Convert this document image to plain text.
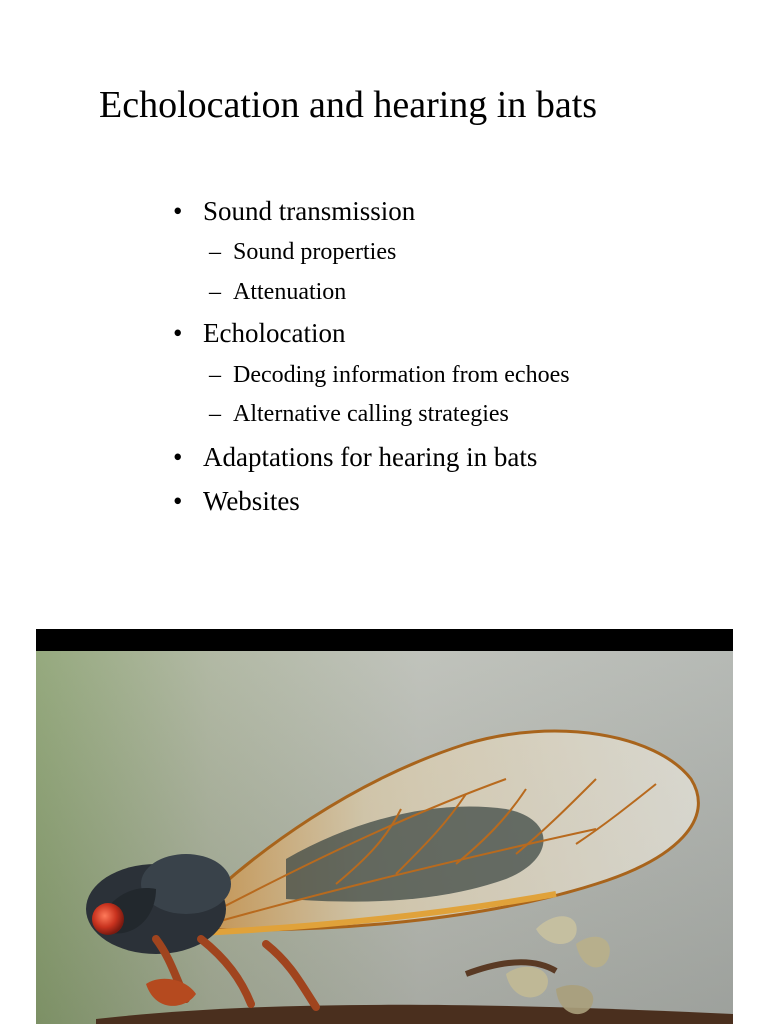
Echolocation and hearing in bats
• Sound transmission
– Sound properties
– Attenuation
• Echolocation
– Decoding information from echoes
– Alternative calling strategies
• Adaptations for hearing in bats
• Websites
